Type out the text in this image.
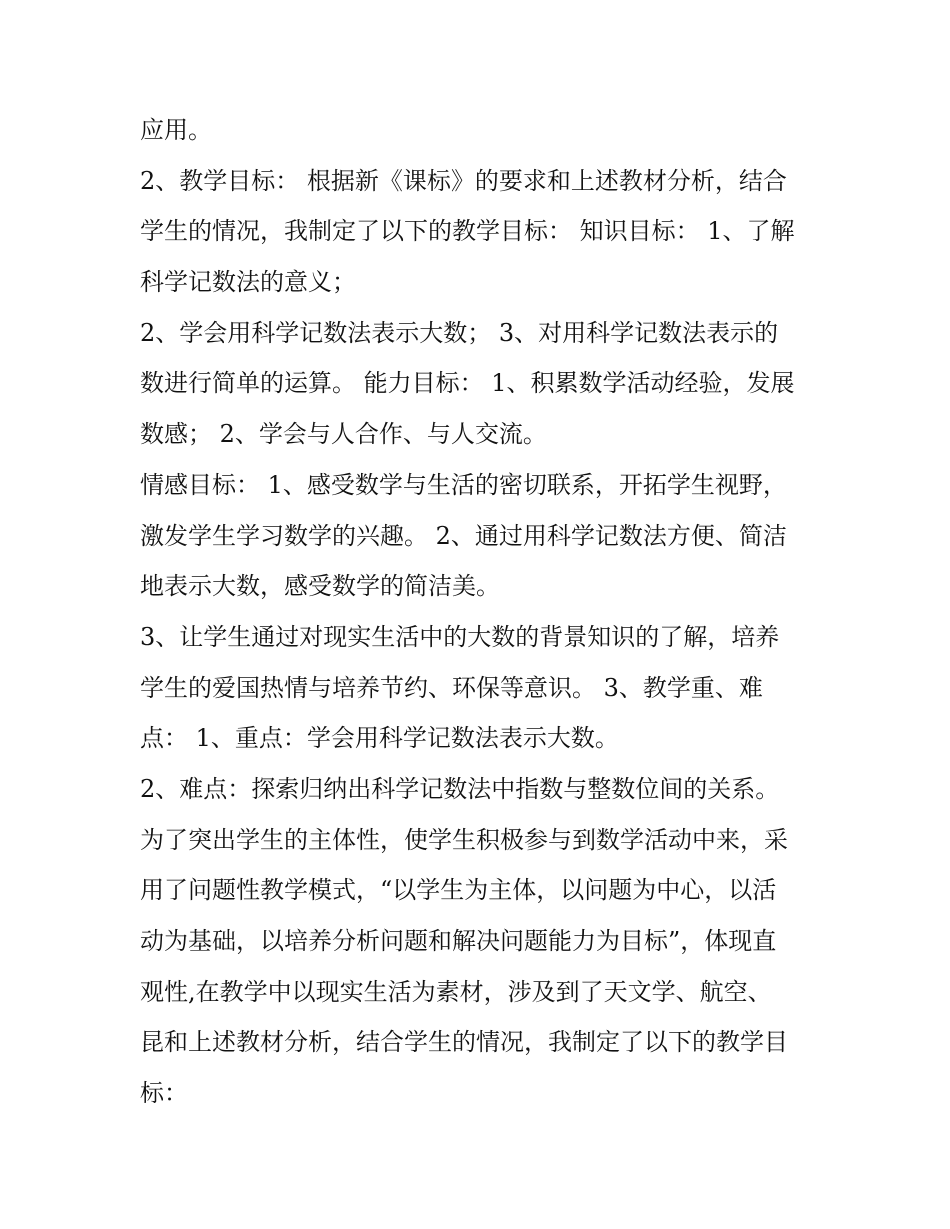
应用。
2、教学目标： 根据新《课标》的要求和上述教材分析，结合
学生的情况，我制定了以下的教学目标： 知识目标： 1、了解
科学记数法的意义；
2、学会用科学记数法表示大数； 3、对用科学记数法表示的
数进行简单的运算。 能力目标： 1、积累数学活动经验，发展
数感； 2、学会与人合作、与人交流。
情感目标： 1、感受数学与生活的密切联系，开拓学生视野，
激发学生学习数学的兴趣。 2、通过用科学记数法方便、简洁
地表示大数，感受数学的简洁美。
3、让学生通过对现实生活中的大数的背景知识的了解，培养
学生的爱国热情与培养节约、环保等意识。 3、教学重、难
点： 1、重点：学会用科学记数法表示大数。
2、难点：探索归纳出科学记数法中指数与整数位间的关系。
为了突出学生的主体性，使学生积极参与到数学活动中来，采
用了问题性教学模式，“以学生为主体，以问题为中心，以活
动为基础，以培养分析问题和解决问题能力为目标”，体现直
观性,在教学中以现实生活为素材，涉及到了天文学、航空、
昆和上述教材分析，结合学生的情况，我制定了以下的教学目
标：
